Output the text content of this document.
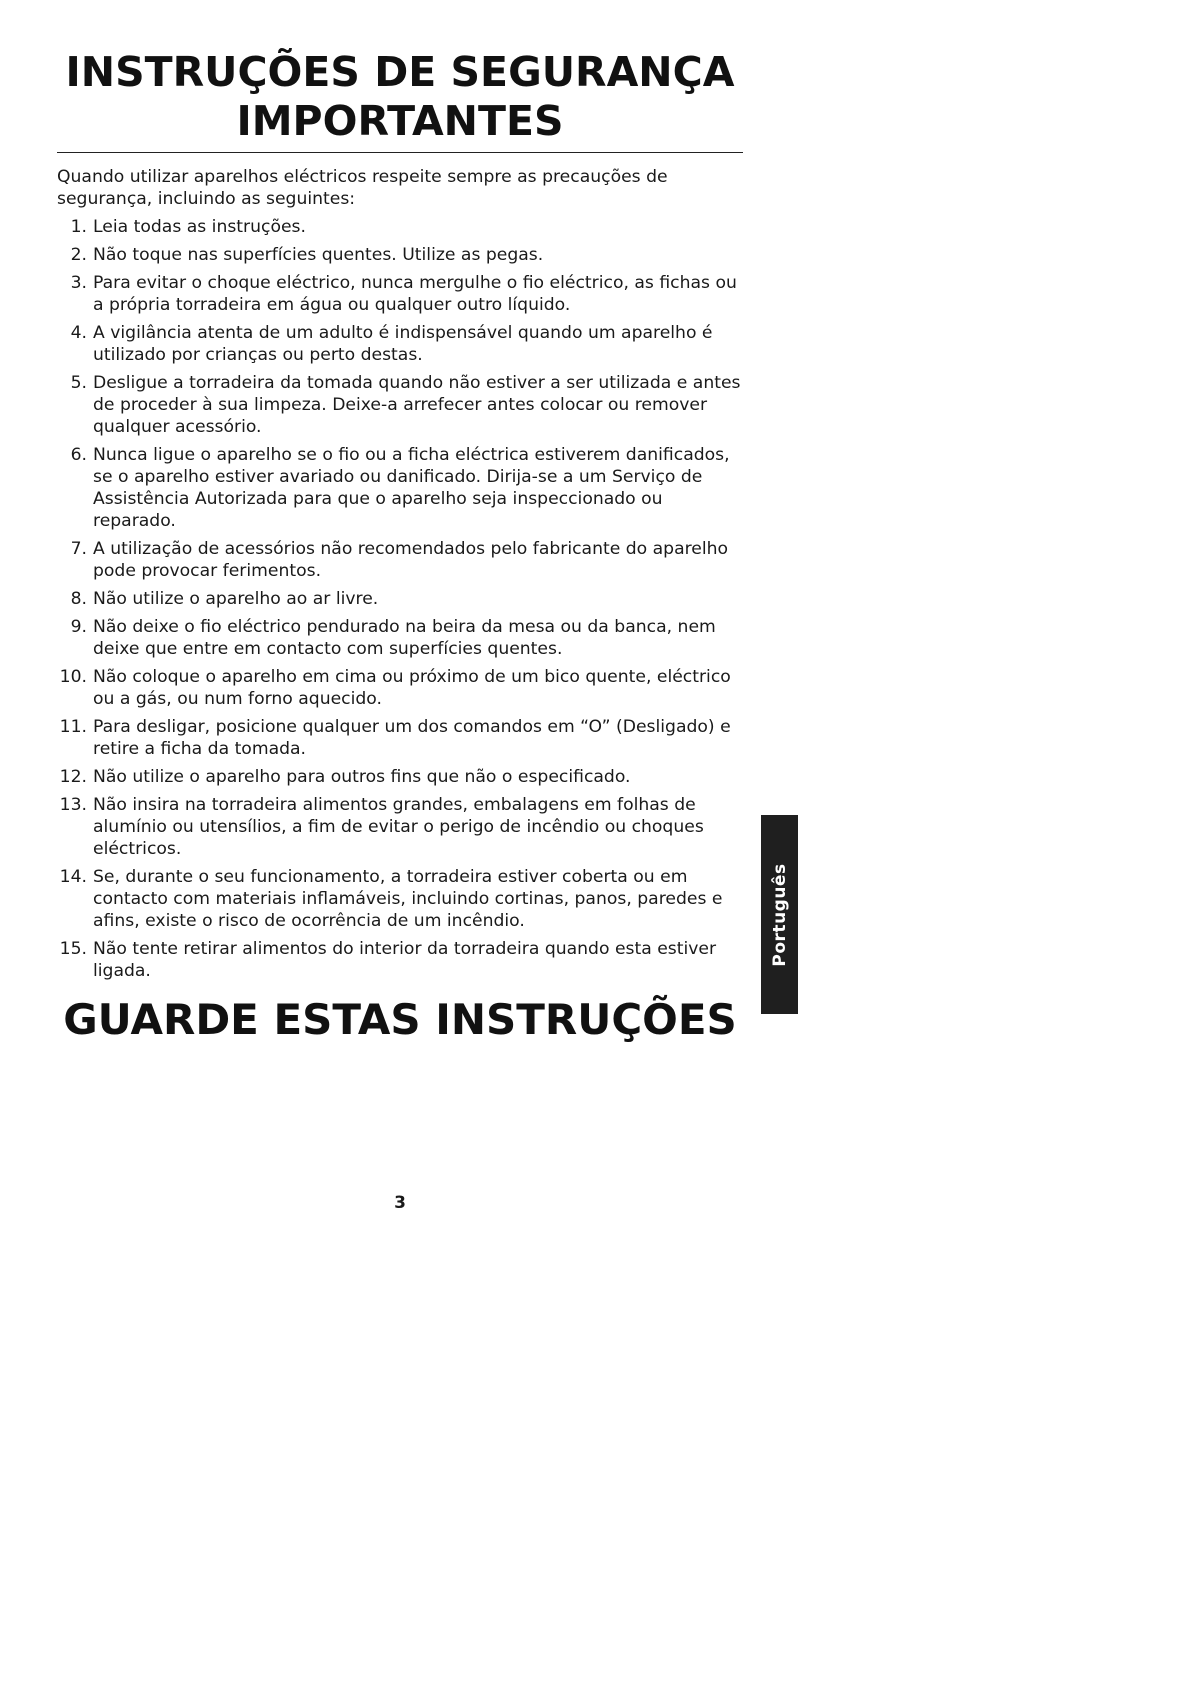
INSTRUÇÕES DE SEGURANÇA
IMPORTANTES

Quando utilizar aparelhos eléctricos respeite sempre as precauções de
segurança, incluindo as seguintes:

1. Leia todas as instruções.
2. Não toque nas superfícies quentes. Utilize as pegas.
3. Para evitar o choque eléctrico, nunca mergulhe o fio eléctrico, as fichas ou
a própria torradeira em água ou qualquer outro líquido.
4. A vigilância atenta de um adulto é indispensável quando um aparelho é
utilizado por crianças ou perto destas.
5. Desligue a torradeira da tomada quando não estiver a ser utilizada e antes
de proceder à sua limpeza. Deixe-a arrefecer antes colocar ou remover
qualquer acessório.
6. Nunca ligue o aparelho se o fio ou a ficha eléctrica estiverem danificados,
se o aparelho estiver avariado ou danificado. Dirija-se a um Serviço de
Assistência Autorizada para que o aparelho seja inspeccionado ou
reparado.
7. A utilização de acessórios não recomendados pelo fabricante do aparelho
pode provocar ferimentos.
8. Não utilize o aparelho ao ar livre.
9. Não deixe o fio eléctrico pendurado na beira da mesa ou da banca, nem
deixe que entre em contacto com superfícies quentes.
10. Não coloque o aparelho em cima ou próximo de um bico quente, eléctrico
ou a gás, ou num forno aquecido.
11. Para desligar, posicione qualquer um dos comandos em “O” (Desligado) e
retire a ficha da tomada.
12. Não utilize o aparelho para outros fins que não o especificado.
13. Não insira na torradeira alimentos grandes, embalagens em folhas de
alumínio ou utensílios, a fim de evitar o perigo de incêndio ou choques
eléctricos.
14. Se, durante o seu funcionamento, a torradeira estiver coberta ou em
contacto com materiais inflamáveis, incluindo cortinas, panos, paredes e
afins, existe o risco de ocorrência de um incêndio.
15. Não tente retirar alimentos do interior da torradeira quando esta estiver
ligada.
GUARDE ESTAS INSTRUÇÕES
3
Português
